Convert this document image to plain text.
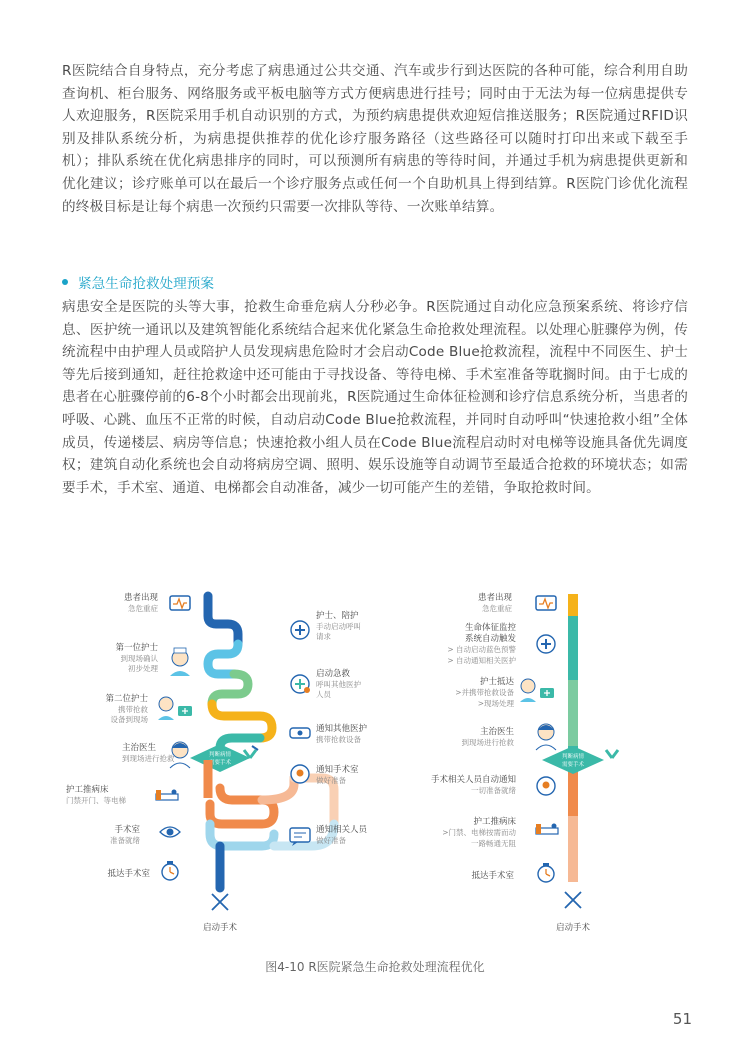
R医院结合自身特点，充分考虑了病患通过公共交通、汽车或步行到达医院的各种可能，综合利用自助查询机、柜台服务、网络服务或平板电脑等方式方便病患进行挂号；同时由于无法为每一位病患提供专人欢迎服务，R医院采用手机自动识别的方式，为预约病患提供欢迎短信推送服务；R医院通过RFID识别及排队系统分析，为病患提供推荐的优化诊疗服务路径（这些路径可以随时打印出来或下载至手机）；排队系统在优化病患排序的同时，可以预测所有病患的等待时间，并通过手机为病患提供更新和优化建议；诊疗账单可以在最后一个诊疗服务点或任何一个自助机具上得到结算。R医院门诊优化流程的终极目标是让每个病患一次预约只需要一次排队等待、一次账单结算。
紧急生命抢救处理预案
病患安全是医院的头等大事，抢救生命垂危病人分秒必争。R医院通过自动化应急预案系统、将诊疗信息、医护统一通讯以及建筑智能化系统结合起来优化紧急生命抢救处理流程。以处理心脏骤停为例，传统流程中由护理人员或陪护人员发现病患危险时才会启动Code Blue抢救流程，流程中不同医生、护士等先后接到通知，赶往抢救途中还可能由于寻找设备、等待电梯、手术室准备等耽搁时间。由于七成的患者在心脏骤停前的6-8个小时都会出现前兆，R医院通过生命体征检测和诊疗信息系统分析，当患者的呼吸、心跳、血压不正常的时候，自动启动Code Blue抢救流程，并同时自动呼叫“快速抢救小组”全体成员，传递楼层、病房等信息；快速抢救小组人员在Code Blue流程启动时对电梯等设施具备优先调度权；建筑自动化系统也会自动将病房空调、照明、娱乐设施等自动调节至最适合抢救的环境状态；如需要手术，手术室、通道、电梯都会自动准备，减少一切可能产生的差错，争取抢救时间。
判断病情
需要手术
患者出现
急危重症
第一位护士
到现场确认
初步处理
第二位护士
携带抢救
设备到现场
主治医生
到现场进行抢救
护工推病床
门禁开门、等电梯
手术室
准备就绪
抵达手术室
启动手术
护士、陪护
手动启动呼叫
请求
启动急救
呼叫其他医护
人员
通知其他医护
携带抢救设备
通知手术室
做好准备
通知相关人员
做好准备
判断病情
需要手术
患者出现
急危重症
生命体征监控
系统自动触发
> 自动启动蓝色预警
> 自动通知相关医护
护士抵达
>并携带抢救设备
>现场处理
主治医生
到现场进行抢救
手术相关人员自动通知
一切准备就绪
护工推病床
>门禁、电梯按需而动
一路畅通无阻
抵达手术室
启动手术
图4-10 R医院紧急生命抢救处理流程优化
51
